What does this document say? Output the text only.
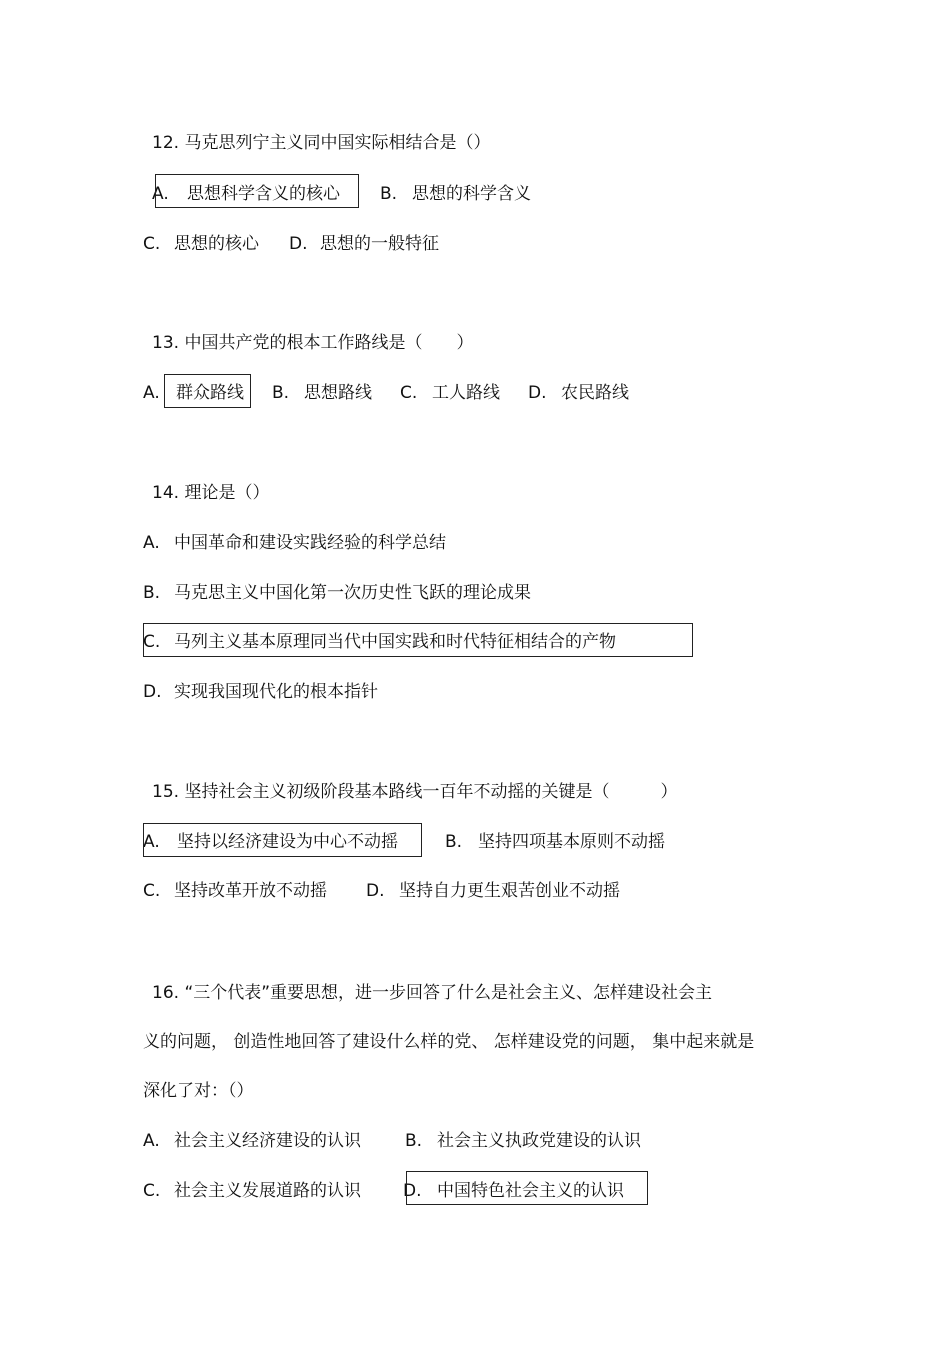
12. 马克思列宁主义同中国实际相结合是（）
A. 思想科学含义的核心 B. 思想的科学含义
C. 思想的核心 D. 思想的一般特征
13. 中国共产党的根本工作路线是（　　）
A. 群众路线 B. 思想路线 C. 工人路线 D. 农民路线
14. 理论是（）
A. 中国革命和建设实践经验的科学总结
B. 马克思主义中国化第一次历史性飞跃的理论成果
C. 马列主义基本原理同当代中国实践和时代特征相结合的产物
D. 实现我国现代化的根本指针
15. 坚持社会主义初级阶段基本路线一百年不动摇的关键是（　　　）
A. 坚持以经济建设为中心不动摇	B. 坚持四项基本原则不动摇
C. 坚持改革开放不动摇 D. 坚持自力更生艰苦创业不动摇
16. “三个代表”重要思想，进一步回答了什么是社会主义、怎样建设社会主
义的问题， 创造性地回答了建设什么样的党、 怎样建设党的问题， 集中起来就是
深化了对：（）
A. 社会主义经济建设的认识	B. 社会主义执政党建设的认识
C. 社会主义发展道路的认识 D. 中国特色社会主义的认识
